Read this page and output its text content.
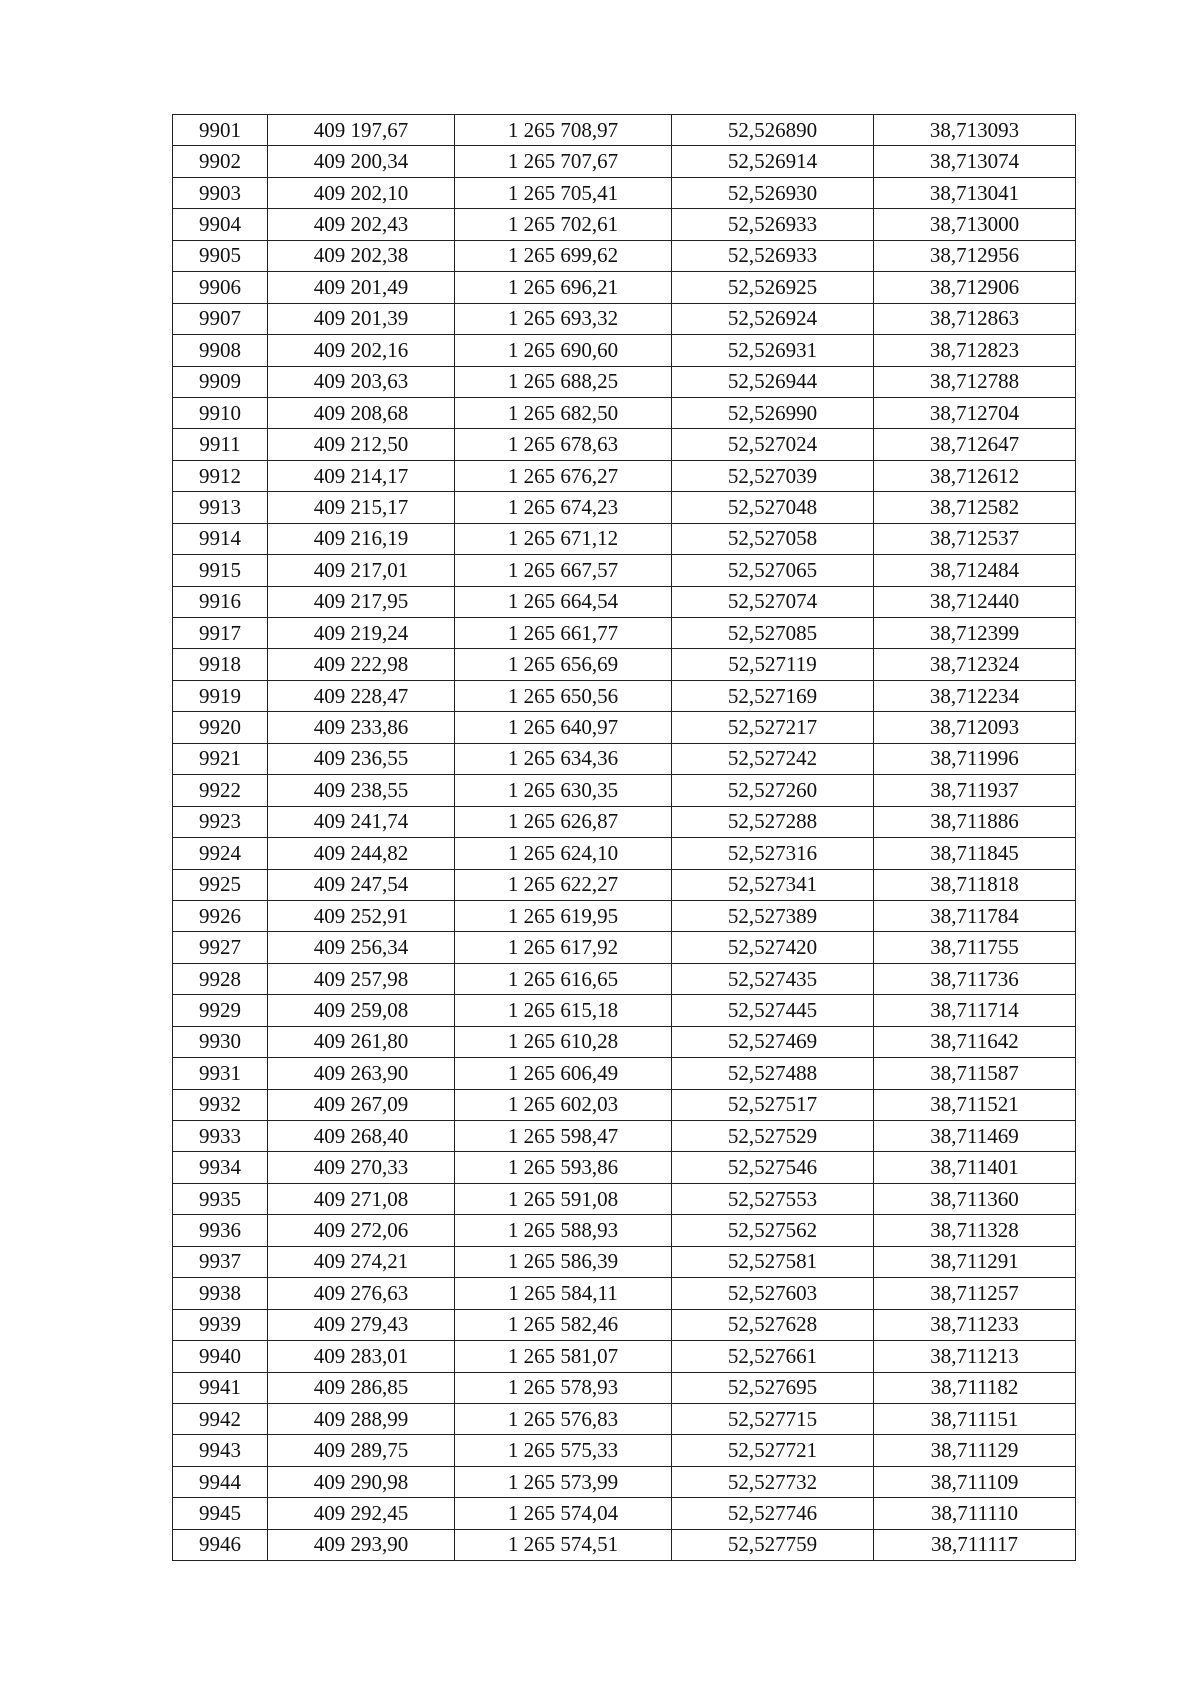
9901	409 197,67	1 265 708,97	52,526890	38,713093
9902	409 200,34	1 265 707,67	52,526914	38,713074
9903	409 202,10	1 265 705,41	52,526930	38,713041
9904	409 202,43	1 265 702,61	52,526933	38,713000
9905	409 202,38	1 265 699,62	52,526933	38,712956
9906	409 201,49	1 265 696,21	52,526925	38,712906
9907	409 201,39	1 265 693,32	52,526924	38,712863
9908	409 202,16	1 265 690,60	52,526931	38,712823
9909	409 203,63	1 265 688,25	52,526944	38,712788
9910	409 208,68	1 265 682,50	52,526990	38,712704
9911	409 212,50	1 265 678,63	52,527024	38,712647
9912	409 214,17	1 265 676,27	52,527039	38,712612
9913	409 215,17	1 265 674,23	52,527048	38,712582
9914	409 216,19	1 265 671,12	52,527058	38,712537
9915	409 217,01	1 265 667,57	52,527065	38,712484
9916	409 217,95	1 265 664,54	52,527074	38,712440
9917	409 219,24	1 265 661,77	52,527085	38,712399
9918	409 222,98	1 265 656,69	52,527119	38,712324
9919	409 228,47	1 265 650,56	52,527169	38,712234
9920	409 233,86	1 265 640,97	52,527217	38,712093
9921	409 236,55	1 265 634,36	52,527242	38,711996
9922	409 238,55	1 265 630,35	52,527260	38,711937
9923	409 241,74	1 265 626,87	52,527288	38,711886
9924	409 244,82	1 265 624,10	52,527316	38,711845
9925	409 247,54	1 265 622,27	52,527341	38,711818
9926	409 252,91	1 265 619,95	52,527389	38,711784
9927	409 256,34	1 265 617,92	52,527420	38,711755
9928	409 257,98	1 265 616,65	52,527435	38,711736
9929	409 259,08	1 265 615,18	52,527445	38,711714
9930	409 261,80	1 265 610,28	52,527469	38,711642
9931	409 263,90	1 265 606,49	52,527488	38,711587
9932	409 267,09	1 265 602,03	52,527517	38,711521
9933	409 268,40	1 265 598,47	52,527529	38,711469
9934	409 270,33	1 265 593,86	52,527546	38,711401
9935	409 271,08	1 265 591,08	52,527553	38,711360
9936	409 272,06	1 265 588,93	52,527562	38,711328
9937	409 274,21	1 265 586,39	52,527581	38,711291
9938	409 276,63	1 265 584,11	52,527603	38,711257
9939	409 279,43	1 265 582,46	52,527628	38,711233
9940	409 283,01	1 265 581,07	52,527661	38,711213
9941	409 286,85	1 265 578,93	52,527695	38,711182
9942	409 288,99	1 265 576,83	52,527715	38,711151
9943	409 289,75	1 265 575,33	52,527721	38,711129
9944	409 290,98	1 265 573,99	52,527732	38,711109
9945	409 292,45	1 265 574,04	52,527746	38,711110
9946	409 293,90	1 265 574,51	52,527759	38,711117
